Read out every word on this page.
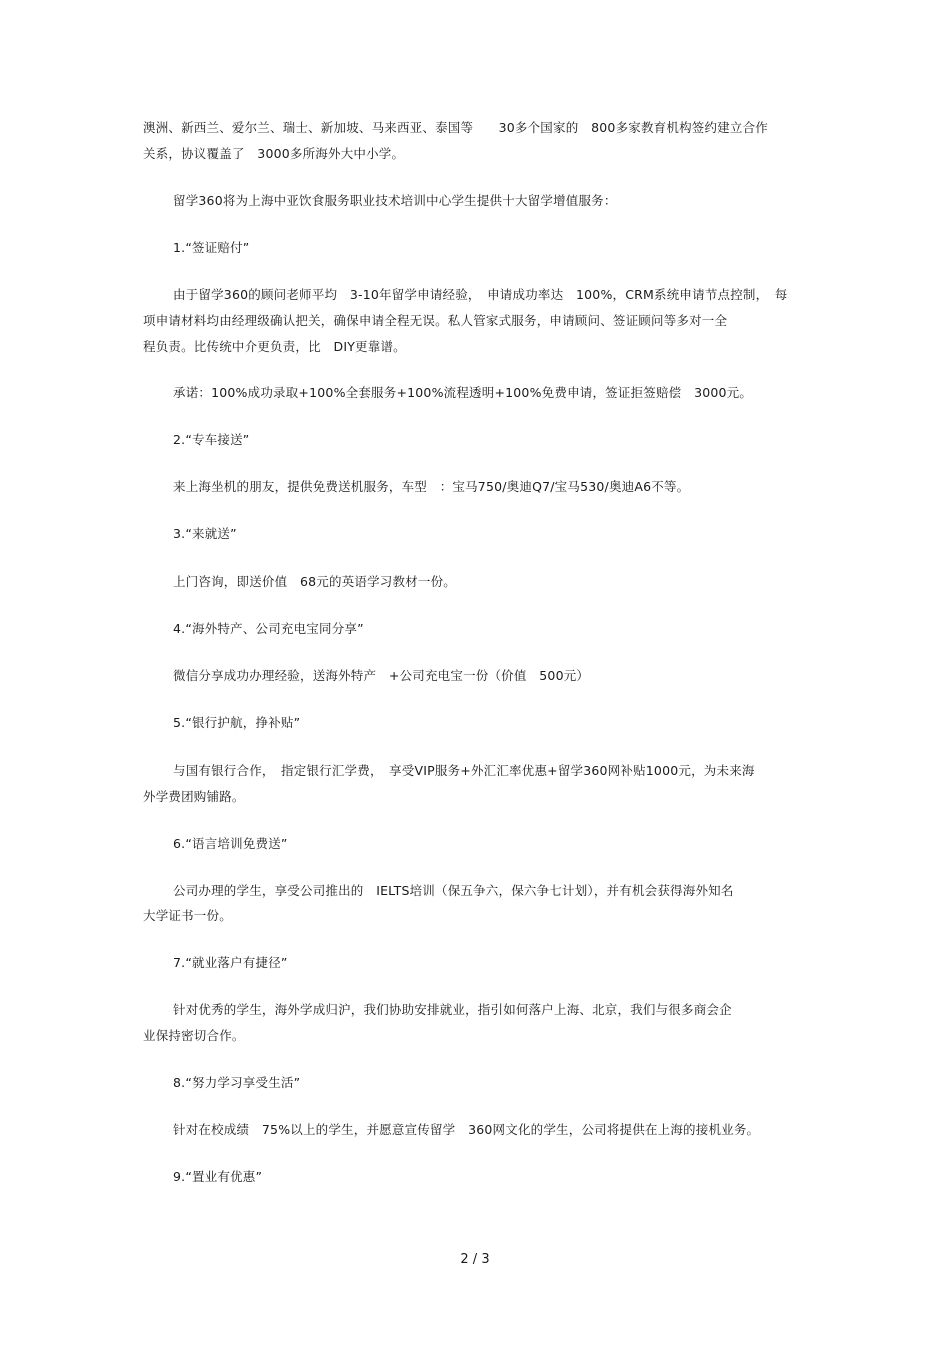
澳洲、新西兰、爱尔兰、瑞士、新加坡、马来西亚、泰国等　　30多个国家的　800多家教育机构签约建立合作
关系，协议覆盖了　3000多所海外大中小学。
留学360将为上海中亚饮食服务职业技术培训中心学生提供十大留学增值服务：
1.“签证赔付”
由于留学360的顾问老师平均　3-10年留学申请经验，　申请成功率达　100%，CRM系统申请节点控制，　每
项申请材料均由经理级确认把关，确保申请全程无误。私人管家式服务，申请顾问、签证顾问等多对一全
程负责。比传统中介更负责，比　DIY更靠谱。
承诺：100%成功录取+100%全套服务+100%流程透明+100%免费申请，签证拒签赔偿　3000元。
2.“专车接送”
来上海坐机的朋友，提供免费送机服务，车型　：宝马750/奥迪Q7/宝马530/奥迪A6不等。
3.“来就送”
上门咨询，即送价值　68元的英语学习教材一份。
4.“海外特产、公司充电宝同分享”
微信分享成功办理经验，送海外特产　+公司充电宝一份（价值　500元）
5.“银行护航，挣补贴”
与国有银行合作，　指定银行汇学费，　享受VIP服务+外汇汇率优惠+留学360网补贴1000元，为未来海
外学费团购铺路。
6.“语言培训免费送”
公司办理的学生，享受公司推出的　IELTS培训（保五争六，保六争七计划），并有机会获得海外知名
大学证书一份。
7.“就业落户有捷径”
针对优秀的学生，海外学成归沪，我们协助安排就业，指引如何落户上海、北京，我们与很多商会企
业保持密切合作。
8.“努力学习享受生活”
针对在校成绩　75%以上的学生，并愿意宣传留学　360网文化的学生，公司将提供在上海的接机业务。
9.“置业有优惠”
2 / 3
